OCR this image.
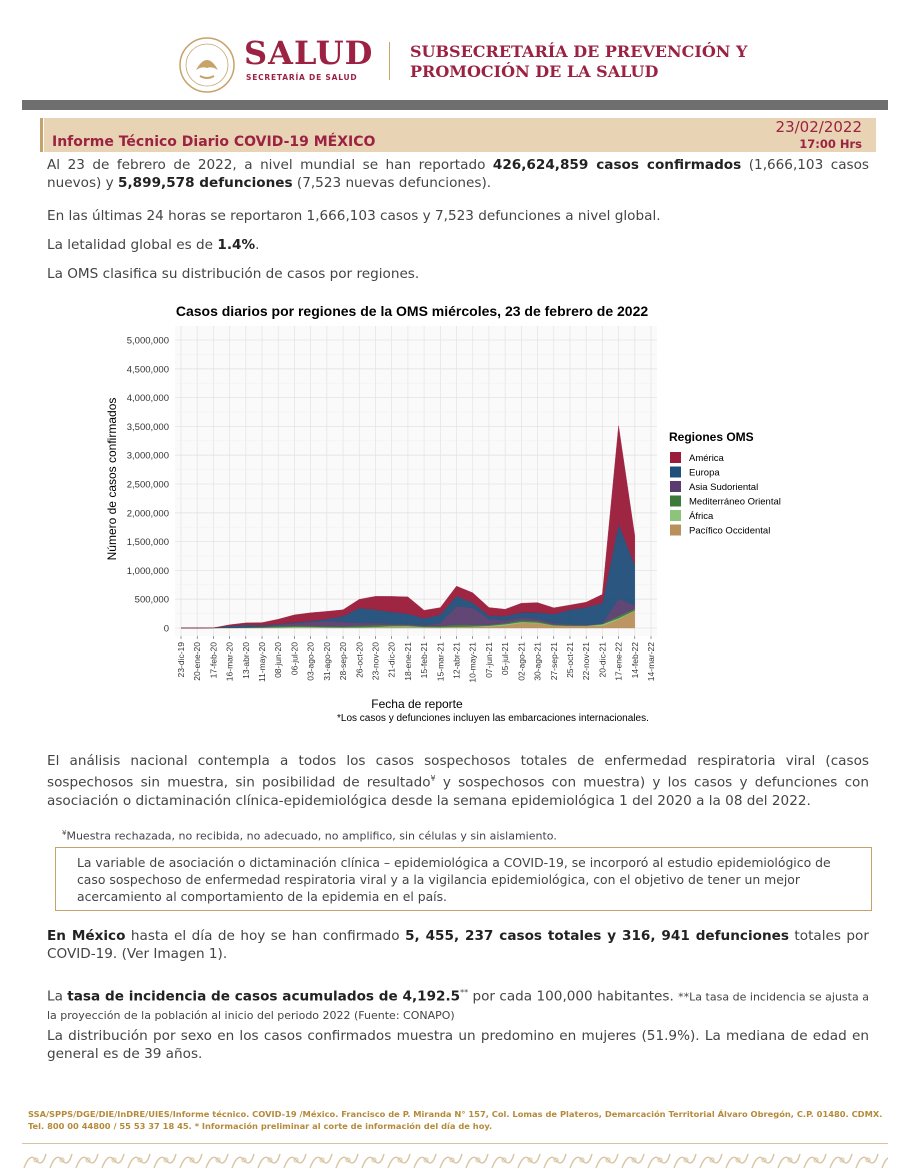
SALUD
SECRETARÍA DE SALUD
SUBSECRETARÍA DE PREVENCIÓN Y
PROMOCIÓN DE LA SALUD
Informe Técnico Diario COVID-19 MÉXICO
23/02/2022
17:00 Hrs

Al 23 de febrero de 2022, a nivel mundial se han reportado 426,624,859 casos confirmados (1,666,103 casos nuevos) y 5,899,578 defunciones (7,523 nuevas defunciones).

En las últimas 24 horas se reportaron 1,666,103 casos y 7,523 defunciones a nivel global.

La letalidad global es de 1.4%.

La OMS clasifica su distribución de casos por regiones.

Casos diarios por regiones de la OMS miércoles, 23 de febrero de 2022
0
500,000
1,000,000
1,500,000
2,000,000
2,500,000
3,000,000
3,500,000
4,000,000
4,500,000
5,000,000
23-dic-19 20-ene-20 17-feb-20 16-mar-20 13-abr-20 11-may-20 08-jun-20 06-jul-20 03-ago-20 31-ago-20 28-sep-20 26-oct-20 23-nov-20 21-dic-20 18-ene-21 15-feb-21 15-mar-21 12-abr-21 10-may-21 07-jun-21 05-jul-21 02-ago-21 30-ago-21 27-sep-21 25-oct-21 22-nov-21 20-dic-21 17-ene-22 14-feb-22 14-mar-22
Número de casos confirmados
Fecha de reporte
Regiones OMS
América
Europa
Asia Sudoriental
Mediterráneo Oriental
África
Pacífico Occidental
*Los casos y defunciones incluyen las embarcaciones internacionales.

El análisis nacional contempla a todos los casos sospechosos totales de enfermedad respiratoria viral (casos sospechosos sin muestra, sin posibilidad de resultado¥ y sospechosos con muestra) y los casos y defunciones con asociación o dictaminación clínica-epidemiológica desde la semana epidemiológica 1 del 2020 a la 08 del 2022.

¥Muestra rechazada, no recibida, no adecuado, no amplifico, sin células y sin aislamiento.

La variable de asociación o dictaminación clínica – epidemiológica a COVID-19, se incorporó al estudio epidemiológico de caso sospechoso de enfermedad respiratoria viral y a la vigilancia epidemiológica, con el objetivo de tener un mejor acercamiento al comportamiento de la epidemia en el país.

En México hasta el día de hoy se han confirmado 5, 455, 237 casos totales y 316, 941 defunciones totales por COVID-19. (Ver Imagen 1).

La tasa de incidencia de casos acumulados de 4,192.5** por cada 100,000 habitantes. **La tasa de incidencia se ajusta a la proyección de la población al inicio del periodo 2022 (Fuente: CONAPO)

La distribución por sexo en los casos confirmados muestra un predomino en mujeres (51.9%). La mediana de edad en general es de 39 años.

SSA/SPPS/DGE/DIE/InDRE/UIES/Informe técnico. COVID-19 /México. Francisco de P. Miranda N° 157, Col. Lomas de Plateros, Demarcación Territorial Álvaro Obregón, C.P. 01480. CDMX.
Tel. 800 00 44800 / 55 53 37 18 45. * Información preliminar al corte de información del día de hoy.
